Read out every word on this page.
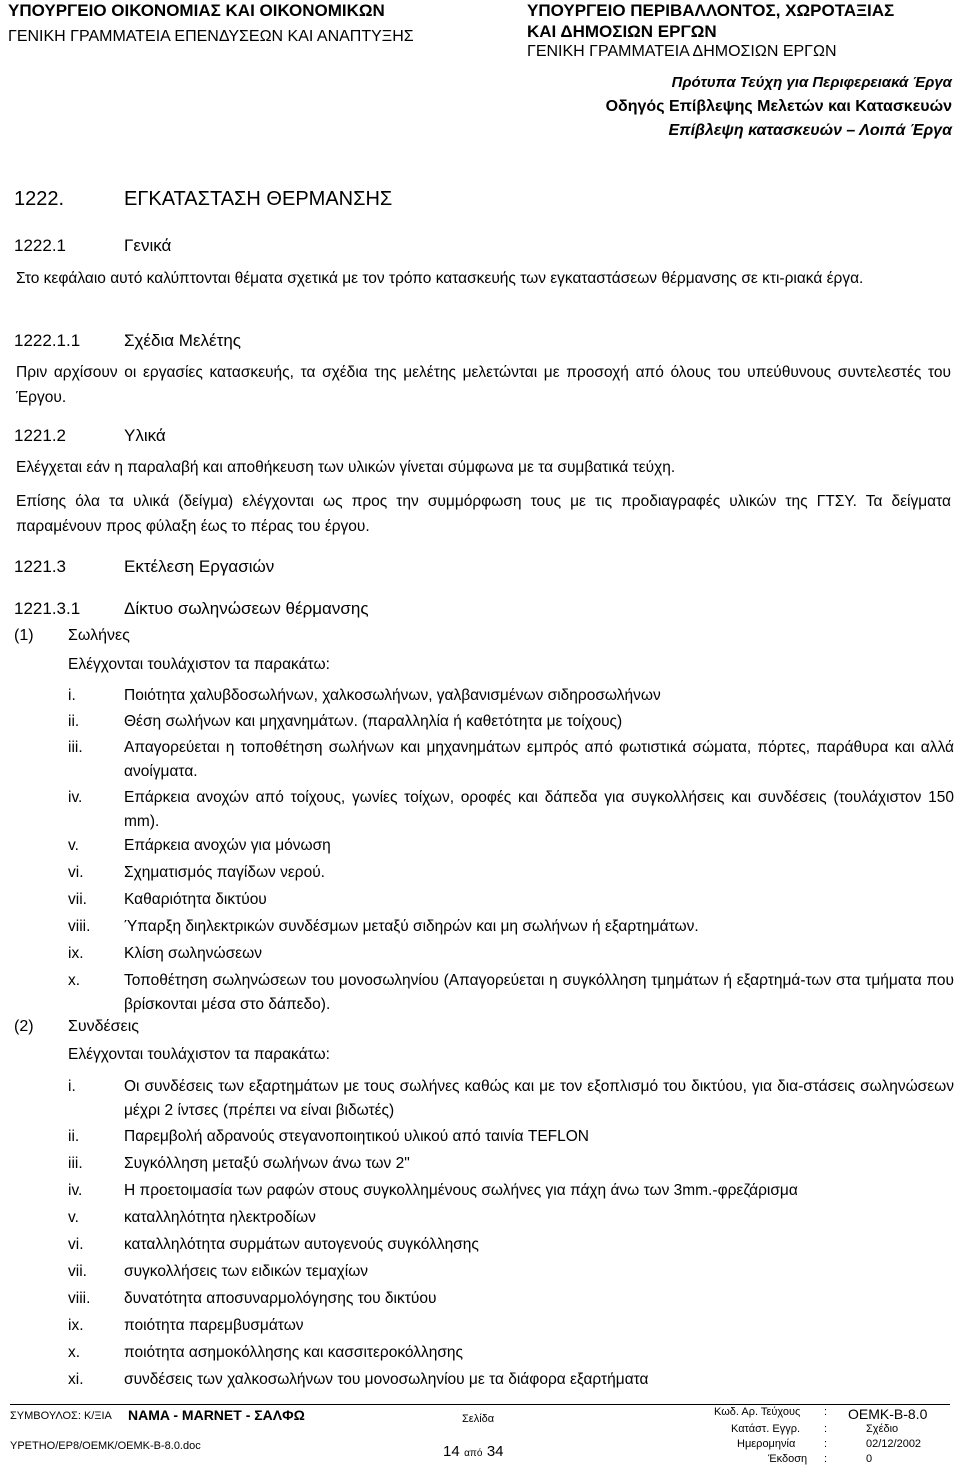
ΥΠΟΥΡΓΕΙΟ ΟΙΚΟΝΟΜΙΑΣ ΚΑΙ ΟΙΚΟΝΟΜΙΚΩΝ
ΓΕΝΙΚΗ ΓΡΑΜΜΑΤΕΙΑ ΕΠΕΝΔΥΣΕΩΝ ΚΑΙ ΑΝΑΠΤΥΞΗΣ
ΥΠΟΥΡΓΕΙΟ ΠΕΡΙΒΑΛΛΟΝΤΟΣ, ΧΩΡΟΤΑΞΙΑΣ
ΚΑΙ ΔΗΜΟΣΙΩΝ ΕΡΓΩΝ
ΓΕΝΙΚΗ ΓΡΑΜΜΑΤΕΙΑ ΔΗΜΟΣΙΩΝ ΕΡΓΩΝ
Πρότυπα Τεύχη για Περιφερειακά Έργα
Οδηγός Επίβλεψης Μελετών και Κατασκευών
Επίβλεψη κατασκευών – Λοιπά Έργα
1222.	ΕΓΚΑΤΑΣΤΑΣΗ ΘΕΡΜΑΝΣΗΣ
1222.1	Γενικά

Στο κεφάλαιο αυτό καλύπτονται θέματα σχετικά με τον τρόπο κατασκευής των εγκαταστάσεων θέρμανσης σε κτι-ριακά έργα.

1222.1.1	Σχέδια Μελέτης

Πριν αρχίσουν οι εργασίες κατασκευής, τα σχέδια της μελέτης μελετώνται με προσοχή από όλους του υπεύθυνους συντελεστές του Έργου.

1221.2	Υλικά

Ελέγχεται εάν η παραλαβή και αποθήκευση των υλικών γίνεται σύμφωνα με τα συμβατικά τεύχη.

Επίσης όλα τα υλικά (δείγμα) ελέγχονται ως προς την συμμόρφωση τους με τις προδιαγραφές υλικών της ΓΤΣΥ. Τα δείγματα παραμένουν προς φύλαξη έως το πέρας του έργου.

1221.3	Εκτέλεση Εργασιών
1221.3.1	Δίκτυο σωληνώσεων θέρμανσης
(1) Σωλήνες
Ελέγχονται τουλάχιστον τα παρακάτω:
i.	Ποιότητα χαλυβδοσωλήνων, χαλκοσωλήνων, γαλβανισμένων σιδηροσωλήνων
ii.	Θέση σωλήνων και μηχανημάτων. (παραλληλία ή καθετότητα με τοίχους)
iii.	Απαγορεύεται η τοποθέτηση σωλήνων και μηχανημάτων εμπρός από φωτιστικά σώματα, πόρτες, παράθυρα και αλλά ανοίγματα.
iv.	Επάρκεια ανοχών από τοίχους, γωνίες τοίχων, οροφές και δάπεδα για συγκολλήσεις και συνδέσεις (τουλάχιστον 150 mm).
v.	Επάρκεια ανοχών για μόνωση
vi.	Σχηματισμός παγίδων νερού.
vii. Καθαριότητα δικτύου
viii. Ύπαρξη διηλεκτρικών συνδέσμων μεταξύ σιδηρών και μη σωλήνων ή εξαρτημάτων.
ix.	Κλίση σωληνώσεων
x.	Τοποθέτηση σωληνώσεων του μονοσωληνίου (Απαγορεύεται η συγκόλληση τμημάτων ή εξαρτημά-των στα τμήματα που βρίσκονται μέσα στο δάπεδο).
(2) Συνδέσεις
Ελέγχονται τουλάχιστον τα παρακάτω:
i.	Οι συνδέσεις των εξαρτημάτων με τους σωλήνες καθώς και με τον εξοπλισμό του δικτύου, για δια-στάσεις σωληνώσεων μέχρι 2 ίντσες (πρέπει να είναι βιδωτές)
ii.	Παρεμβολή αδρανούς στεγανοποιητικού υλικού από ταινία TEFLON
iii.	Συγκόλληση μεταξύ σωλήνων άνω των 2"
iv.	Η προετοιμασία των ραφών στους συγκολλημένους σωλήνες για πάχη άνω των 3mm.-φρεζάρισμα
v.	καταλληλότητα ηλεκτροδίων
vi.	καταλληλότητα συρμάτων αυτογενούς συγκόλλησης
vii. συγκολλήσεις των ειδικών τεμαχίων
viii. δυνατότητα αποσυναρμολόγησης του δικτύου
ix.	ποιότητα παρεμβυσμάτων
x.	ποιότητα ασημοκόλλησης και κασσιτεροκόλλησης
xi.	συνδέσεις των χαλκοσωλήνων του μονοσωληνίου με τα διάφορα εξαρτήματα
ΣΥΜΒΟΥΛΟΣ: Κ/ΞΙΑ NAMA - MARNET - ΣΑΛΦΩ
ΥΡΕΤΗΟ/ΕΡ8/ΟΕΜΚ/ΟΕΜΚ-Β-8.0.doc
Σελίδα
14 από 34
Κωδ. Αρ. Τεύχους : ΟΕΜΚ-Β-8.0
Κατάστ. Εγγρ. :	Σχέδιο
Ημερομηνία	:	02/12/2002
Έκδοση :	0
